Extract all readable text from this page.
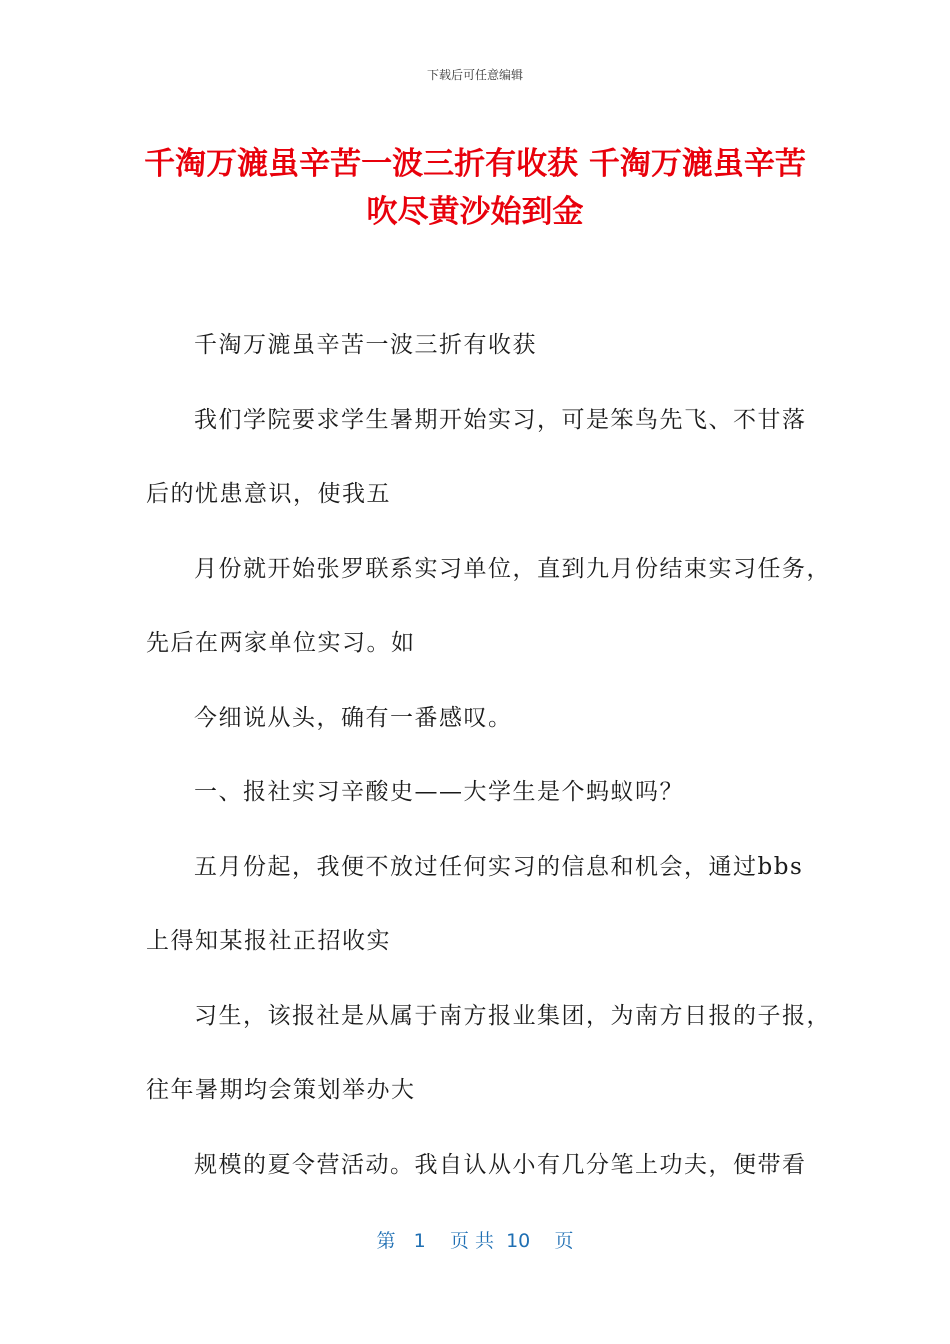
下载后可任意编辑
千淘万漉虽辛苦一波三折有收获 千淘万漉虽辛苦 吹尽黄沙始到金
千淘万漉虽辛苦一波三折有收获
我们学院要求学生暑期开始实习，可是笨鸟先飞、不甘落
后的忧患意识，使我五
月份就开始张罗联系实习单位，直到九月份结束实习任务，
先后在两家单位实习。如
今细说从头，确有一番感叹。
一、报社实习辛酸史——大学生是个蚂蚁吗？
五月份起，我便不放过任何实习的信息和机会，通过bbs
上得知某报社正招收实
习生，该报社是从属于南方报业集团，为南方日报的子报，
往年暑期均会策划举办大
规模的夏令营活动。我自认从小有几分笔上功夫，便带看
第 1 页 共 10 页
